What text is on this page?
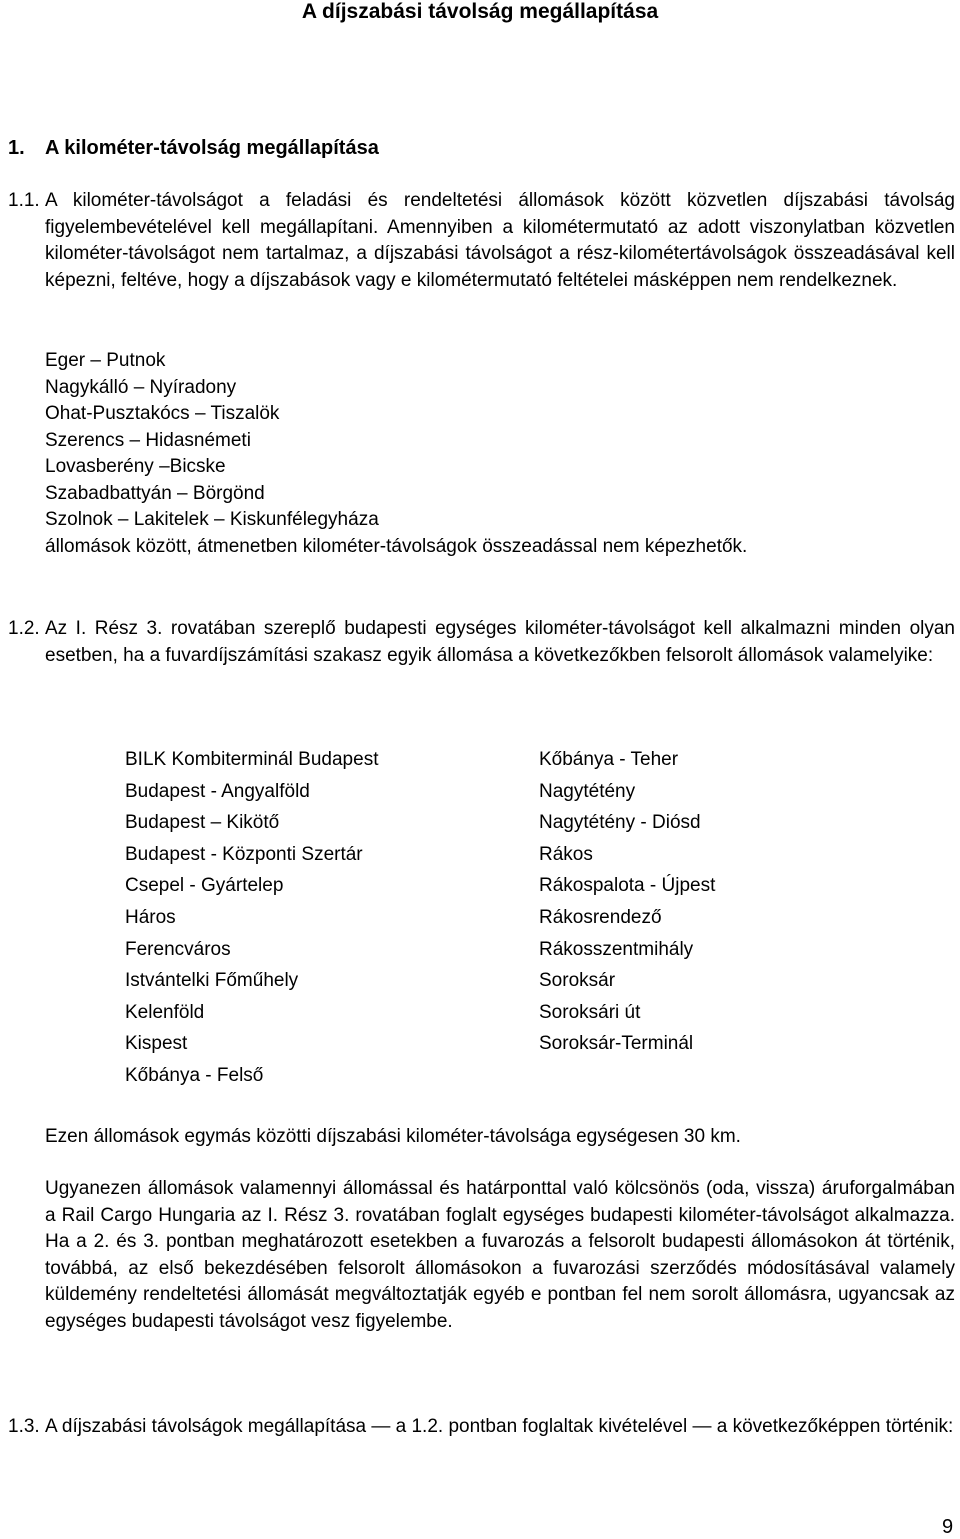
A díjszabási távolság megállapítása
1. A kilométer-távolság megállapítása
1.1. A kilométer-távolságot a feladási és rendeltetési állomások között közvetlen díjszabási távolság figyelembevételével kell megállapítani. Amennyiben a kilométermutató az adott viszonylatban közvetlen kilométer-távolságot nem tartalmaz, a díjszabási távolságot a rész-kilométertávolságok összeadásával kell képezni, feltéve, hogy a díjszabások vagy e kilométermutató feltételei másképpen nem rendelkeznek.
Eger – Putnok
Nagykálló – Nyíradony
Ohat-Pusztakócs – Tiszalök
Szerencs – Hidasnémeti
Lovasberény –Bicske
Szabadbattyán – Börgönd
Szolnok – Lakitelek – Kiskunfélegyháza
állomások között, átmenetben kilométer-távolságok összeadással nem képezhetők.
1.2. Az I. Rész 3. rovatában szereplő budapesti egységes kilométer-távolságot kell alkalmazni minden olyan esetben, ha a fuvardíjszámítási szakasz egyik állomása a következőkben felsorolt állomások valamelyike:
BILK Kombiterminál Budapest
Budapest - Angyalföld
Budapest – Kikötő
Budapest - Központi Szertár
Csepel - Gyártelep
Háros
Ferencváros
Istvántelki Főműhely
Kelenföld
Kispest
Kőbánya - Felső
Kőbánya - Teher
Nagytétény
Nagytétény - Diósd
Rákos
Rákospalota - Újpest
Rákosrendező
Rákosszentmihály
Soroksár
Soroksári út
Soroksár-Terminál
Ezen állomások egymás közötti díjszabási kilométer-távolsága egységesen 30 km.
Ugyanezen állomások valamennyi állomással és határponttal való kölcsönös (oda, vissza) áruforgalmában a Rail Cargo Hungaria az I. Rész 3. rovatában foglalt egységes budapesti kilométer-távolságot alkalmazza. Ha a 2. és 3. pontban meghatározott esetekben a fuvarozás a felsorolt budapesti állomásokon át történik, továbbá, az első bekezdésében felsorolt állomásokon a fuvarozási szerződés módosításával valamely küldemény rendeltetési állomását megváltoztatják egyéb e pontban fel nem sorolt állomásra, ugyancsak az egységes budapesti távolságot vesz figyelembe.
1.3. A díjszabási távolságok megállapítása — a 1.2. pontban foglaltak kivételével — a következőképpen történik:
9
